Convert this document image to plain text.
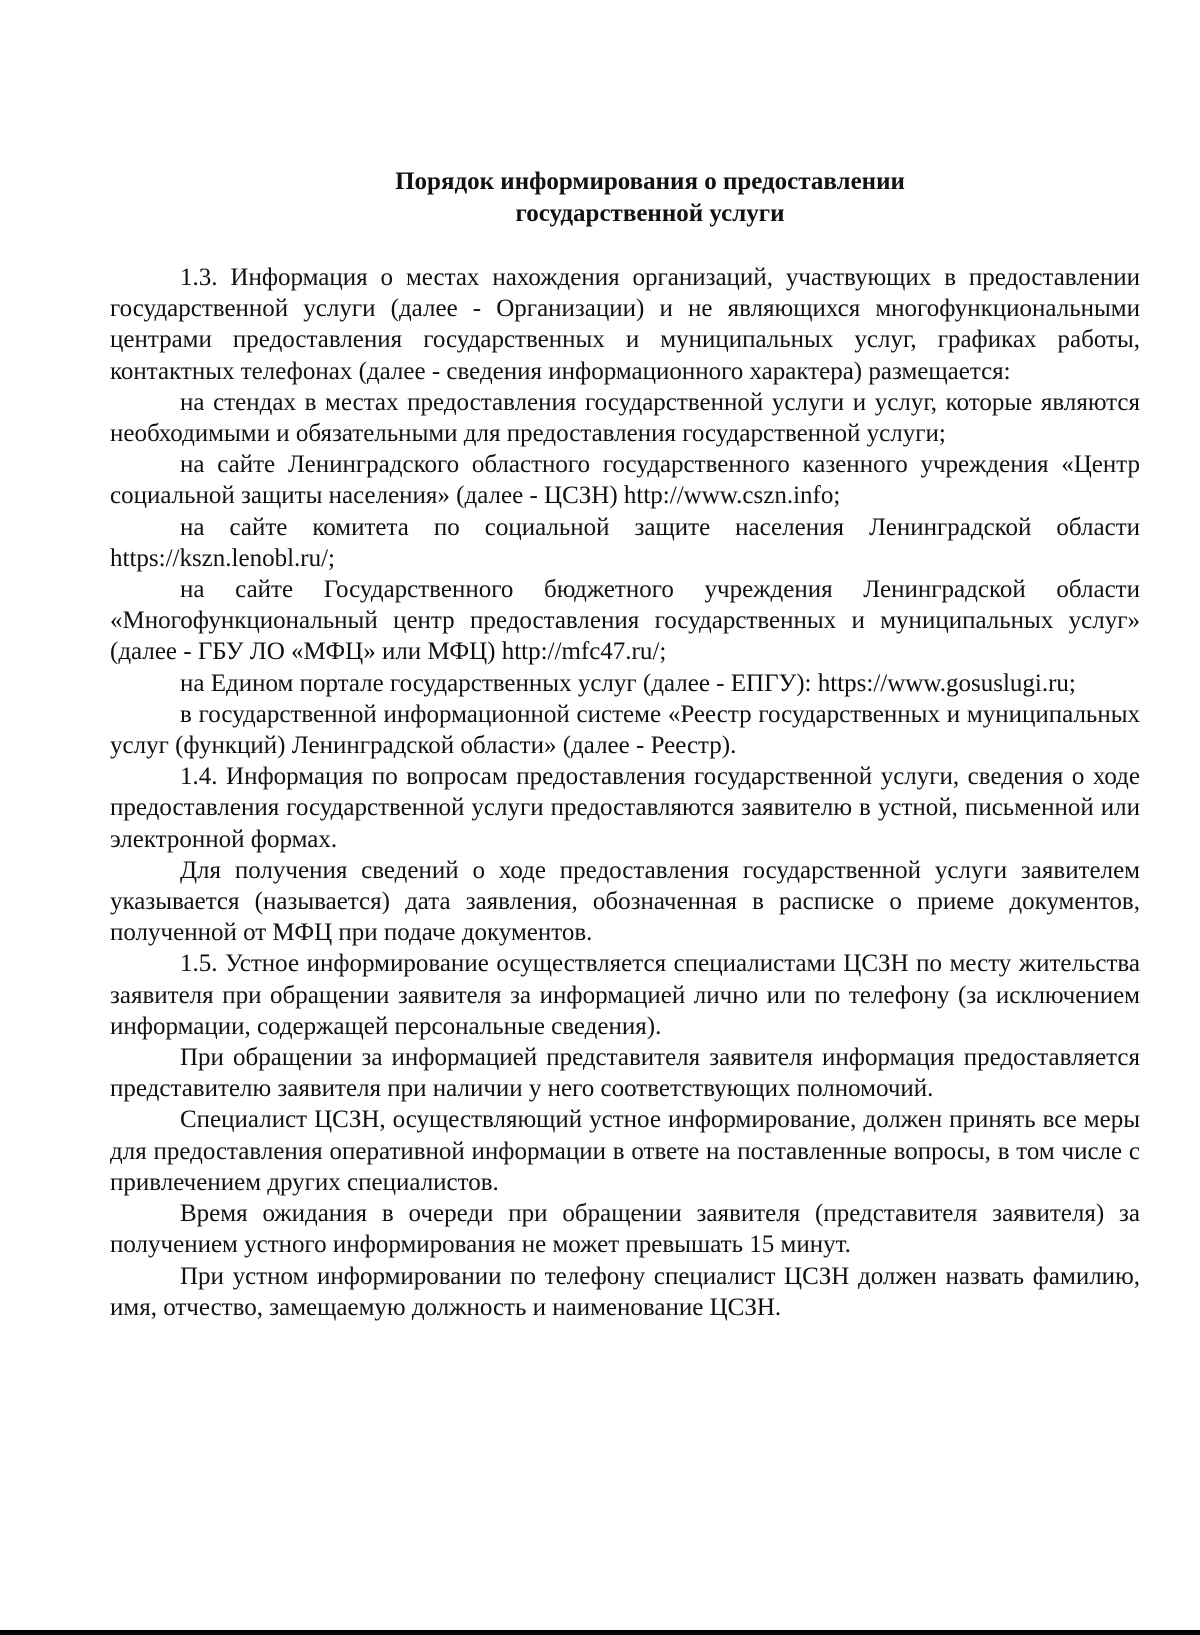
Порядок информирования о предоставлении
государственной услуги

1.3. Информация о местах нахождения организаций, участвующих в предоставлении государственной услуги (далее - Организации) и не являющихся многофункциональными центрами предоставления государственных и муниципальных услуг, графиках работы, контактных телефонах (далее - сведения информационного характера) размещается:

на стендах в местах предоставления государственной услуги и услуг, которые являются необходимыми и обязательными для предоставления государственной услуги;

на сайте Ленинградского областного государственного казенного учреждения «Центр социальной защиты населения» (далее - ЦСЗН) http://www.cszn.info;

на сайте комитета по социальной защите населения Ленинградской области https://kszn.lenobl.ru/;

на сайте Государственного бюджетного учреждения Ленинградской области «Многофункциональный центр предоставления государственных и муниципальных услуг» (далее - ГБУ ЛО «МФЦ» или МФЦ) http://mfc47.ru/;

на Едином портале государственных услуг (далее - ЕПГУ): https://www.gosuslugi.ru;

в государственной информационной системе «Реестр государственных и муниципальных услуг (функций) Ленинградской области» (далее - Реестр).

1.4. Информация по вопросам предоставления государственной услуги, сведения о ходе предоставления государственной услуги предоставляются заявителю в устной, письменной или электронной формах.

Для получения сведений о ходе предоставления государственной услуги заявителем указывается (называется) дата заявления, обозначенная в расписке о приеме документов, полученной от МФЦ при подаче документов.

1.5. Устное информирование осуществляется специалистами ЦСЗН по месту жительства заявителя при обращении заявителя за информацией лично или по телефону (за исключением информации, содержащей персональные сведения).

При обращении за информацией представителя заявителя информация предоставляется представителю заявителя при наличии у него соответствующих полномочий.

Специалист ЦСЗН, осуществляющий устное информирование, должен принять все меры для предоставления оперативной информации в ответе на поставленные вопросы, в том числе с привлечением других специалистов.

Время ожидания в очереди при обращении заявителя (представителя заявителя) за получением устного информирования не может превышать 15 минут.

При устном информировании по телефону специалист ЦСЗН должен назвать фамилию, имя, отчество, замещаемую должность и наименование ЦСЗН.
